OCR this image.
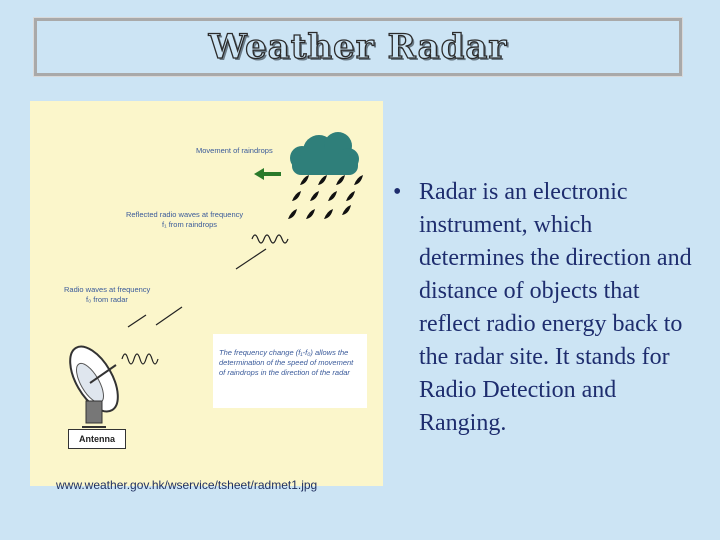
Weather Radar
Movement of raindrops
Reflected radio waves at frequency
f₁ from raindrops
Radio waves at frequency
f₀ from radar
The frequency change (f₁-f₀) allows the
determination of the speed of movement
of raindrops in the direction of the radar
Antenna
www.weather.gov.hk/wservice/tsheet/radmet1.jpg
• Radar is an electronic instrument, which determines the direction and distance of objects that reflect radio energy back to the radar site. It stands for Radio Detection and Ranging.
